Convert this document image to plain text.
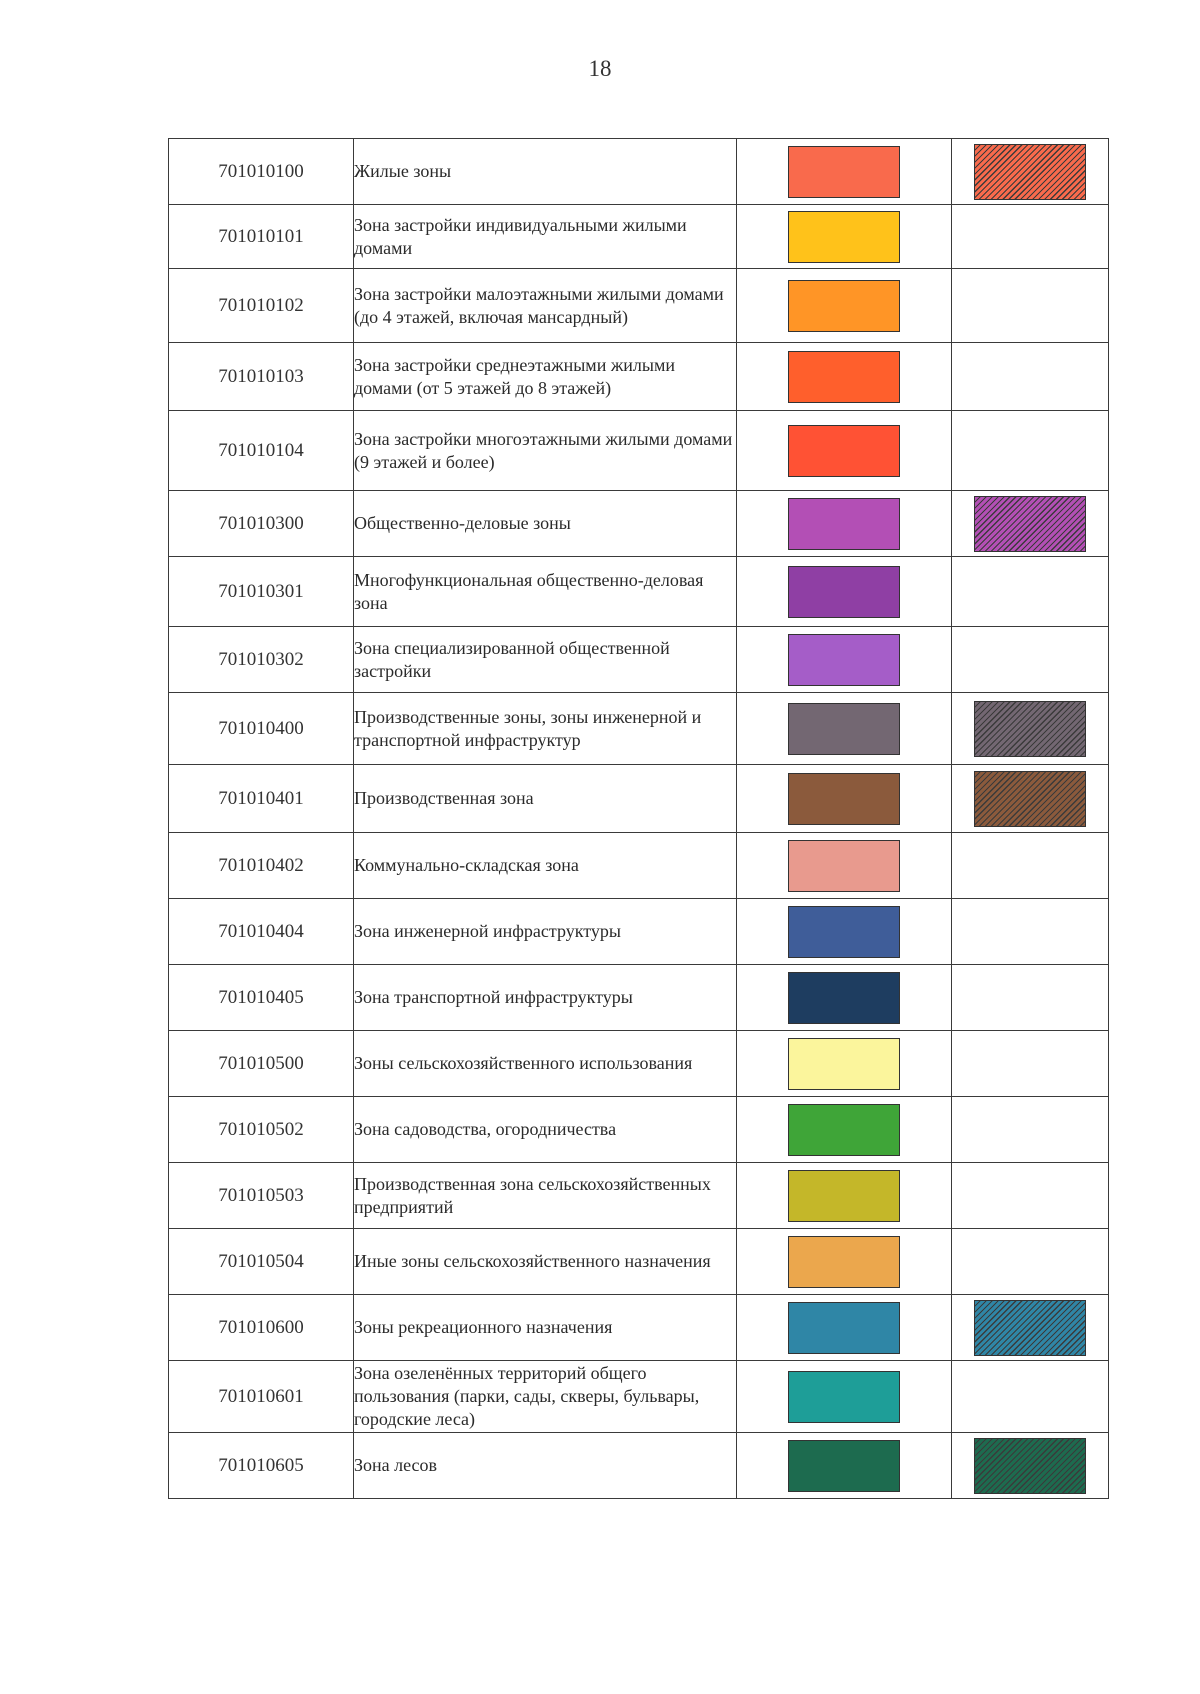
18
701010100	Жилые зоны	

701010101	Зона застройки индивидуальными жилыми домами	

701010102	Зона застройки малоэтажными жилыми домами (до 4 этажей, включая мансардный)	

701010103	Зона застройки среднеэтажными жилыми домами (от 5 этажей до 8 этажей)	

701010104	Зона застройки многоэтажными жилыми домами (9 этажей и более)	

701010300	Общественно-деловые зоны	

701010301	Многофункциональная общественно-деловая зона	

701010302	Зона специализированной общественной застройки	

701010400	Производственные зоны, зоны инженерной и транспортной инфраструктур	

701010401	Производственная зона	

701010402	Коммунально-складская зона	

701010404	Зона инженерной инфраструктуры	

701010405	Зона транспортной инфраструктуры	

701010500	Зоны сельскохозяйственного использования	

701010502	Зона садоводства, огородничества	

701010503	Производственная зона сельскохозяйственных предприятий	

701010504	Иные зоны сельскохозяйственного назначения	

701010600	Зоны рекреационного назначения	

701010601	Зона озеленённых территорий общего пользования (парки, сады, скверы, бульвары, городские леса)	

701010605	Зона лесов	
